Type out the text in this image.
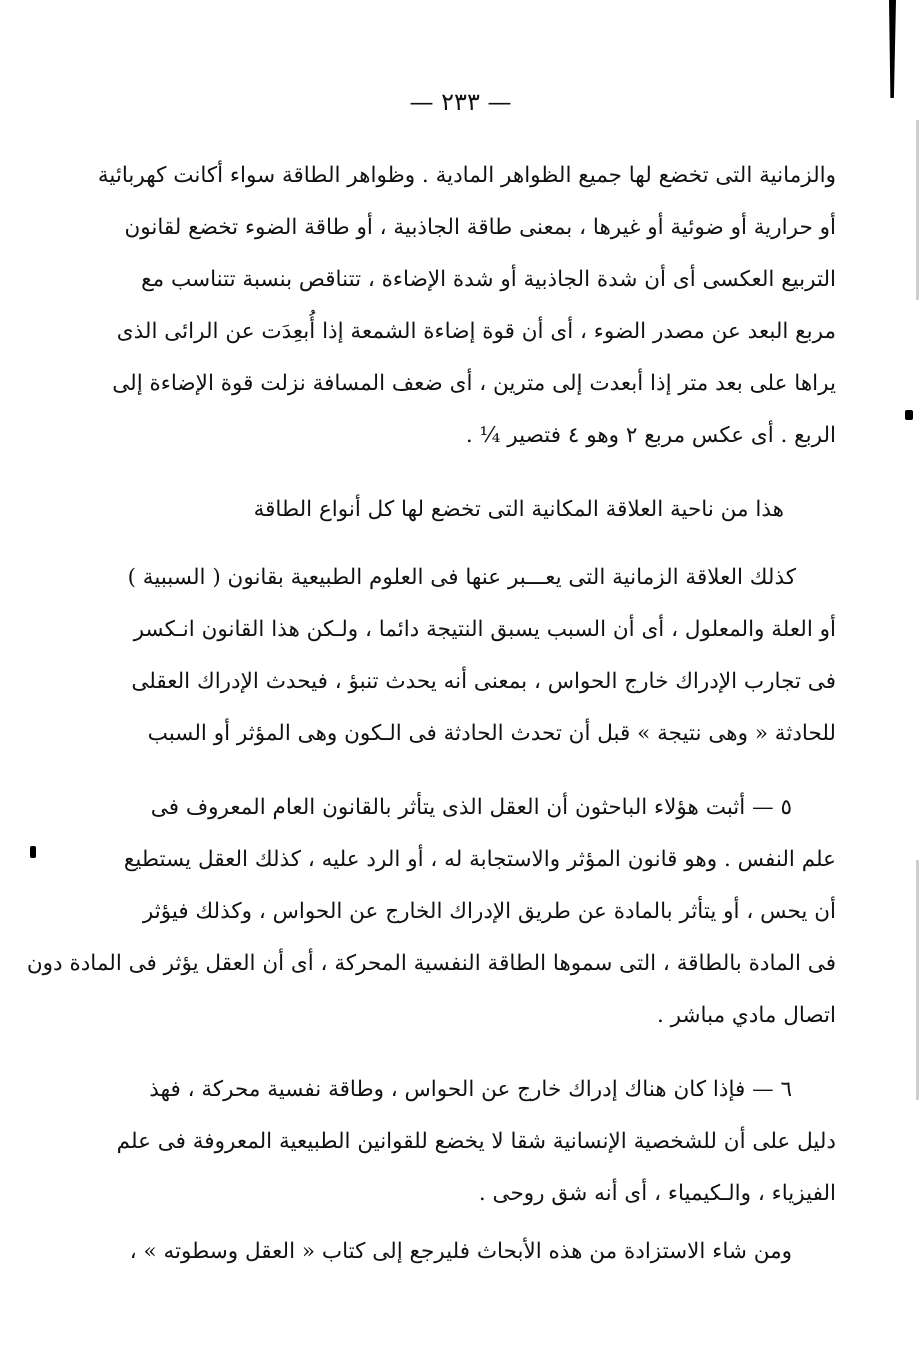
— ٢٣٣ —
والزمانية التى تخضع لها جميع الظواهر المادية . وظواهر الطاقة سواء أكانت كهربائية
أو حرارية أو ضوئية أو غيرها ، بمعنى طاقة الجاذبية ، أو طاقة الضوء تخضع لقانون
التربيع العكسى أى أن شدة الجاذبية أو شدة الإضاءة ، تتناقص بنسبة تتناسب مع
مربع البعد عن مصدر الضوء ، أى أن قوة إضاءة الشمعة إذا أُبعِدَت عن الرائى الذى
يراها على بعد متر إذا أبعدت إلى مترين ، أى ضعف المسافة نزلت قوة الإضاءة إلى
الربع . أى عكس مربع ٢ وهو ٤ فتصير ¼ .
هذا من ناحية العلاقة المكانية التى تخضع لها كل أنواع الطاقة
كذلك العلاقة الزمانية التى يعـــبر عنها فى العلوم الطبيعية بقانون ( السببية )
أو العلة والمعلول ، أى أن السبب يسبق النتيجة دائما ، ولـكن هذا القانون انـكسر
فى تجارب الإدراك خارج الحواس ، بمعنى أنه يحدث تنبؤ ، فيحدث الإدراك العقلى
للحادثة « وهى نتيجة » قبل أن تحدث الحادثة فى الـكون وهى المؤثر أو السبب
٥ — أثبت هؤلاء الباحثون أن العقل الذى يتأثر بالقانون العام المعروف فى
علم النفس . وهو قانون المؤثر والاستجابة له ، أو الرد عليه ، كذلك العقل يستطيع
أن يحس ، أو يتأثر بالمادة عن طريق الإدراك الخارج عن الحواس ، وكذلك فيؤثر
فى المادة بالطاقة ، التى سموها الطاقة النفسية المحركة ، أى أن العقل يؤثر فى المادة دون
اتصال مادي مباشر .
٦ — فإذا كان هناك إدراك خارج عن الحواس ، وطاقة نفسية محركة ، فهذ
دليل على أن للشخصية الإنسانية شقا لا يخضع للقوانين الطبيعية المعروفة فى علم
الفيزياء ، والـكيمياء ، أى أنه شق روحى .
ومن شاء الاستزادة من هذه الأبحاث فليرجع إلى كتاب « العقل وسطوته » ،
